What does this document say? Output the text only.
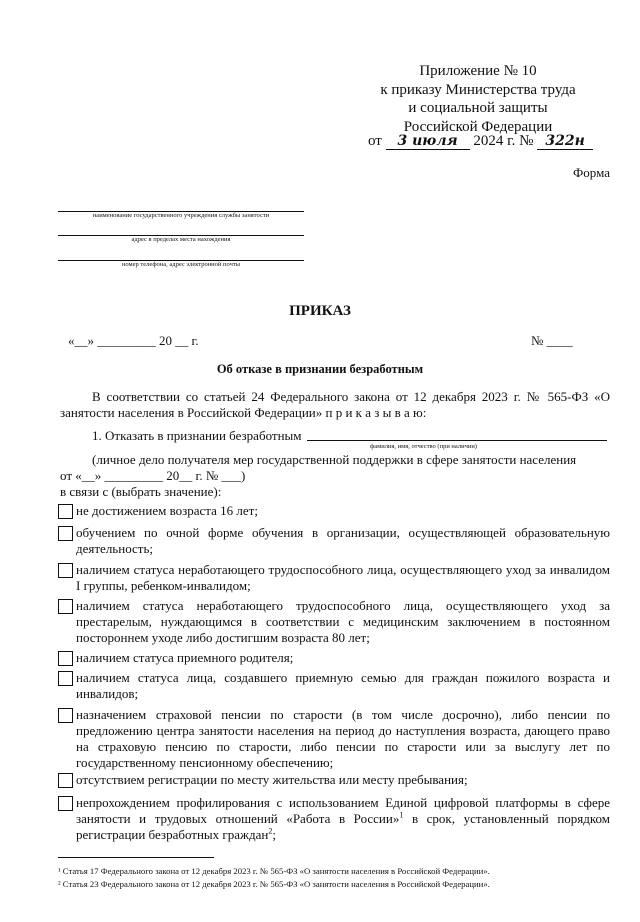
Приложение № 10
к приказу Министерства труда
и социальной защиты
Российской Федерации
от 3 июля 2024 г. № 322н
Форма
наименование государственного учреждения службы занятости
адрес в пределах места нахождения
номер телефона, адрес электронной почты
ПРИКАЗ
«__» _________ 20 __ г.	№ ____
Об отказе в признании безработным
В соответствии со статьей 24 Федерального закона от 12 декабря 2023 г. № 565-ФЗ «О занятости населения в Российской Федерации» п р и к а з ы в а ю:
1. Отказать в признании безработным
фамилия, имя, отчество (при наличии)
(личное дело получателя мер государственной поддержки в сфере занятости населения
от «__» _________ 20__ г. № ___)
в связи с (выбрать значение):
не достижением возраста 16 лет;
обучением по очной форме обучения в организации, осуществляющей образовательную деятельность;
наличием статуса неработающего трудоспособного лица, осуществляющего уход за инвалидом I группы, ребенком-инвалидом;
наличием статуса неработающего трудоспособного лица, осуществляющего уход за престарелым, нуждающимся в соответствии с медицинским заключением в постоянном постороннем уходе либо достигшим возраста 80 лет;
наличием статуса приемного родителя;
наличием статуса лица, создавшего приемную семью для граждан пожилого возраста и инвалидов;
назначением страховой пенсии по старости (в том числе досрочно), либо пенсии по предложению центра занятости населения на период до наступления возраста, дающего право на страховую пенсию по старости, либо пенсии по старости или за выслугу лет по государственному пенсионному обеспечению;
отсутствием регистрации по месту жительства или месту пребывания;
непрохождением профилирования с использованием Единой цифровой платформы в сфере занятости и трудовых отношений «Работа в России»$^1$ в срок, установленный порядком регистрации безработных граждан$^2$;
¹ Статья 17 Федерального закона от 12 декабря 2023 г. № 565-ФЗ «О занятости населения в Российской Федерации».
² Статья 23 Федерального закона от 12 декабря 2023 г. № 565-ФЗ «О занятости населения в Российской Федерации».
